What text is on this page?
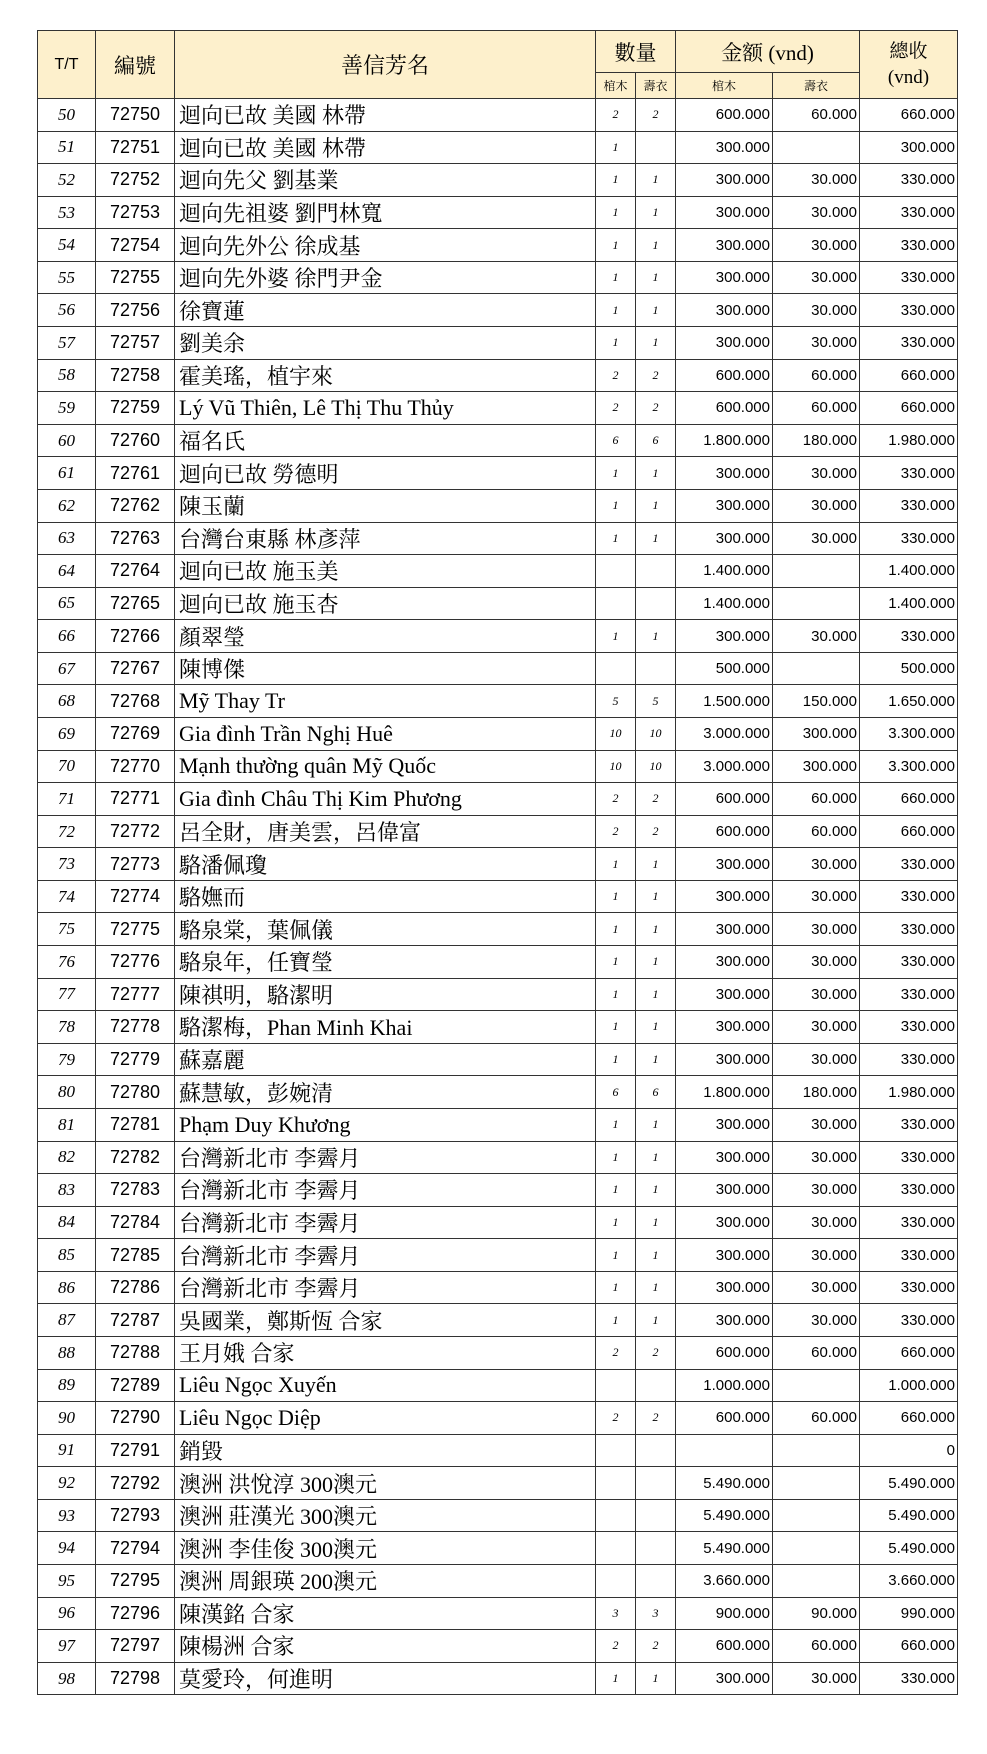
T/T	編號	善信芳名	數量		金额 (vnd)		總收
(vnd)

			棺木	壽衣	棺木	壽衣	
50	72750	迴向已故 美國 林帶	2	2	600.000	60.000	660.000
51	72751	迴向已故 美國 林帶	1		300.000		300.000
52	72752	迴向先父 劉基業	1	1	300.000	30.000	330.000
53	72753	迴向先祖婆 劉門林寬	1	1	300.000	30.000	330.000
54	72754	迴向先外公 徐成基	1	1	300.000	30.000	330.000
55	72755	迴向先外婆 徐門尹金	1	1	300.000	30.000	330.000
56	72756	徐寶蓮	1	1	300.000	30.000	330.000
57	72757	劉美余	1	1	300.000	30.000	330.000
58	72758	霍美瑤，植宇來	2	2	600.000	60.000	660.000
59	72759	Lý Vũ Thiên, Lê Thị Thu Thủy	2	2	600.000	60.000	660.000
60	72760	福名氏	6	6	1.800.000	180.000	1.980.000
61	72761	迴向已故 勞德明	1	1	300.000	30.000	330.000
62	72762	陳玉蘭	1	1	300.000	30.000	330.000
63	72763	台灣台東縣 林彥萍	1	1	300.000	30.000	330.000
64	72764	迴向已故 施玉美			1.400.000		1.400.000
65	72765	迴向已故 施玉杏			1.400.000		1.400.000
66	72766	顏翠瑩	1	1	300.000	30.000	330.000
67	72767	陳博傑			500.000		500.000
68	72768	Mỹ Thay Tr	5	5	1.500.000	150.000	1.650.000
69	72769	Gia đình Trần Nghị Huê	10	10	3.000.000	300.000	3.300.000
70	72770	Mạnh thường quân Mỹ Quốc	10	10	3.000.000	300.000	3.300.000
71	72771	Gia đình Châu Thị Kim Phương	2	2	600.000	60.000	660.000
72	72772	呂全財，唐美雲，呂偉富	2	2	600.000	60.000	660.000
73	72773	駱潘佩瓊	1	1	300.000	30.000	330.000
74	72774	駱嫵而	1	1	300.000	30.000	330.000
75	72775	駱泉棠，葉佩儀	1	1	300.000	30.000	330.000
76	72776	駱泉年，任寶瑩	1	1	300.000	30.000	330.000
77	72777	陳祺明，駱潔明	1	1	300.000	30.000	330.000
78	72778	駱潔梅，Phan Minh Khai	1	1	300.000	30.000	330.000
79	72779	蘇嘉麗	1	1	300.000	30.000	330.000
80	72780	蘇慧敏，彭婉清	6	6	1.800.000	180.000	1.980.000
81	72781	Phạm Duy Khương	1	1	300.000	30.000	330.000
82	72782	台灣新北市 李霽月	1	1	300.000	30.000	330.000
83	72783	台灣新北市 李霽月	1	1	300.000	30.000	330.000
84	72784	台灣新北市 李霽月	1	1	300.000	30.000	330.000
85	72785	台灣新北市 李霽月	1	1	300.000	30.000	330.000
86	72786	台灣新北市 李霽月	1	1	300.000	30.000	330.000
87	72787	吳國業，鄭斯恆 合家	1	1	300.000	30.000	330.000
88	72788	王月娥 合家	2	2	600.000	60.000	660.000
89	72789	Liêu Ngọc Xuyến			1.000.000		1.000.000
90	72790	Liêu Ngọc Diệp	2	2	600.000	60.000	660.000
91	72791	銷毀					0
92	72792	澳洲 洪悅淳 300澳元			5.490.000		5.490.000
93	72793	澳洲 莊漢光 300澳元			5.490.000		5.490.000
94	72794	澳洲 李佳俊 300澳元			5.490.000		5.490.000
95	72795	澳洲 周銀瑛 200澳元			3.660.000		3.660.000
96	72796	陳漢銘 合家	3	3	900.000	90.000	990.000
97	72797	陳楊洲 合家	2	2	600.000	60.000	660.000
98	72798	莫愛玲，何進明	1	1	300.000	30.000	330.000
